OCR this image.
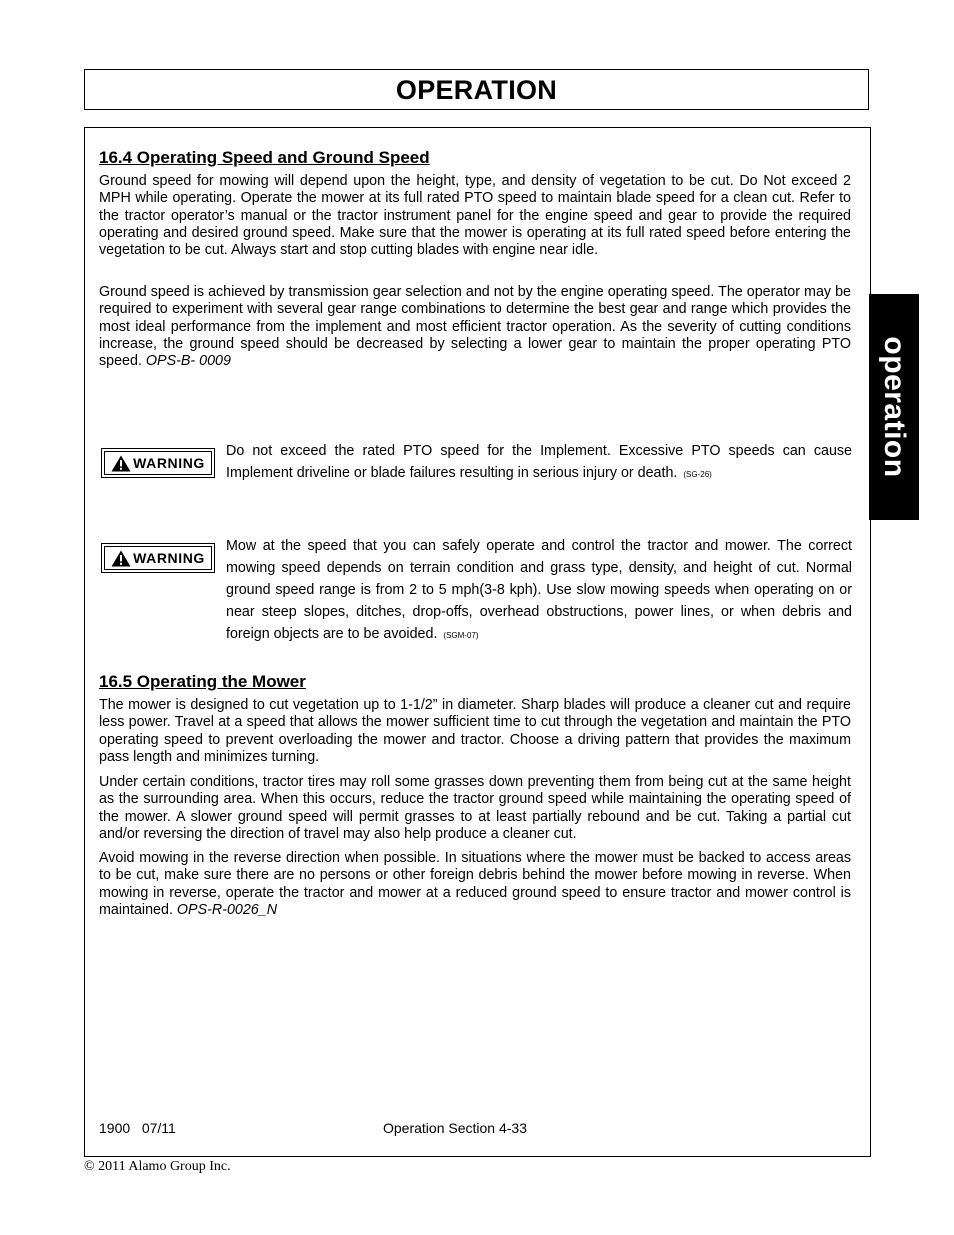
OPERATION
operation
16.4 Operating Speed and Ground Speed

Ground speed for mowing will depend upon the height, type, and density of vegetation to be cut. Do Not exceed 2 MPH while operating. Operate the mower at its full rated PTO speed to maintain blade speed for a clean cut. Refer to the tractor operator’s manual or the tractor instrument panel for the engine speed and gear to provide the required operating and desired ground speed. Make sure that the mower is operating at its full rated speed before entering the vegetation to be cut. Always start and stop cutting blades with engine near idle.

Ground speed is achieved by transmission gear selection and not by the engine operating speed. The operator may be required to experiment with several gear range combinations to determine the best gear and range which provides the most ideal performance from the implement and most efficient tractor operation. As the severity of cutting conditions increase, the ground speed should be decreased by selecting a lower gear to maintain the proper operating PTO speed. OPS-B- 0009

WARNING

Do not exceed the rated PTO speed for the Implement. Excessive PTO speeds can cause Implement driveline or blade failures resulting in serious injury or death. (SG-26)

WARNING

Mow at the speed that you can safely operate and control the tractor and mower. The correct mowing speed depends on terrain condition and grass type, density, and height of cut. Normal ground speed range is from 2 to 5 mph(3-8 kph). Use slow mowing speeds when operating on or near steep slopes, ditches, drop-offs, overhead obstructions, power lines, or when debris and foreign objects are to be avoided. (SGM-07)

16.5 Operating the Mower

The mower is designed to cut vegetation up to 1-1/2” in diameter. Sharp blades will produce a cleaner cut and require less power. Travel at a speed that allows the mower sufficient time to cut through the vegetation and maintain the PTO operating speed to prevent overloading the mower and tractor. Choose a driving pattern that provides the maximum pass length and minimizes turning.

Under certain conditions, tractor tires may roll some grasses down preventing them from being cut at the same height as the surrounding area. When this occurs, reduce the tractor ground speed while maintaining the operating speed of the mower. A slower ground speed will permit grasses to at least partially rebound and be cut. Taking a partial cut and/or reversing the direction of travel may also help produce a cleaner cut.

Avoid mowing in the reverse direction when possible. In situations where the mower must be backed to access areas to be cut, make sure there are no persons or other foreign debris behind the mower before mowing in reverse. When mowing in reverse, operate the tractor and mower at a reduced ground speed to ensure tractor and mower control is maintained. OPS-R-0026_N

1900   07/11	Operation Section 4-33
© 2011 Alamo Group Inc.
